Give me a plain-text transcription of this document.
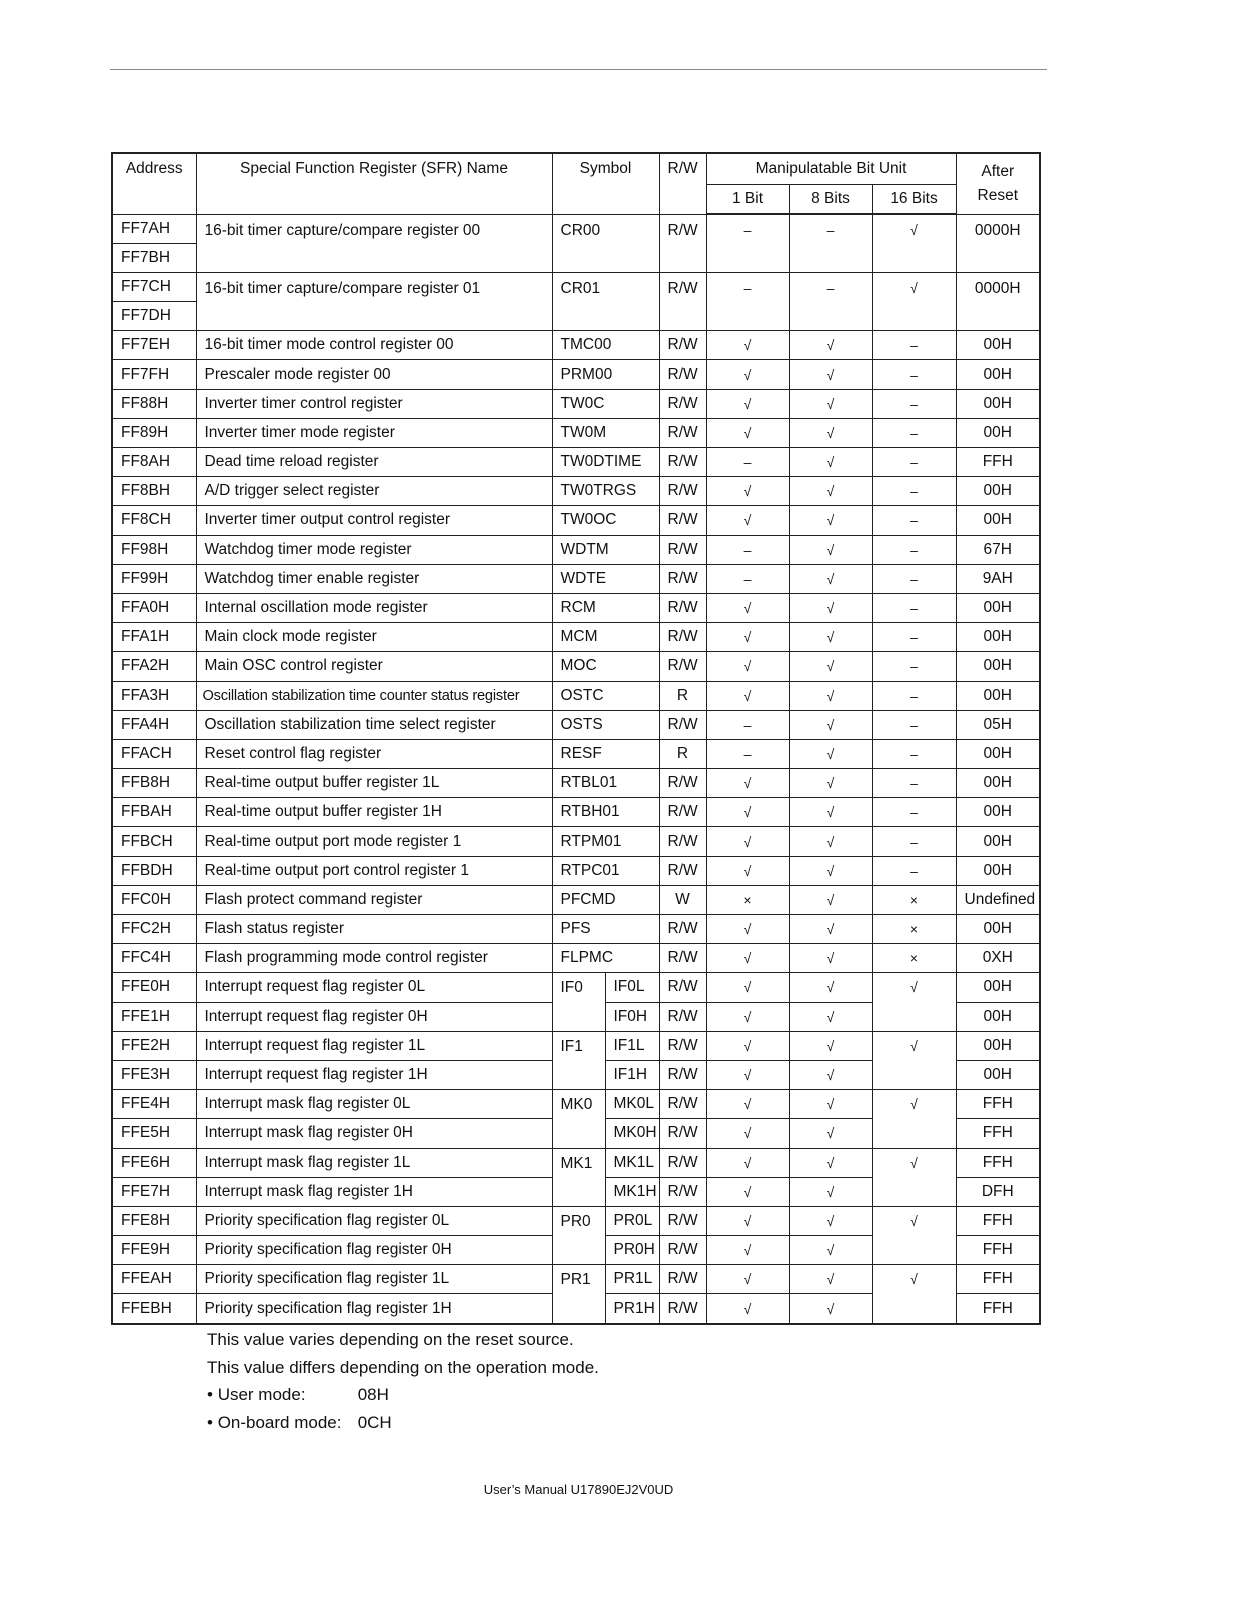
Address	Special Function Register (SFR) Name	Symbol		R/W	Manipulatable Bit Unit			After
Reset
					1 Bit	8 Bits	16 Bits	
FF7AH	16-bit timer capture/compare register 00	CR00		R/W	–	–	√	0000H
FF7BH								
FF7CH	16-bit timer capture/compare register 01	CR01		R/W	–	–	√	0000H
FF7DH								
FF7EH	16-bit timer mode control register 00	TMC00		R/W	√	√	–	00H
FF7FH	Prescaler mode register 00	PRM00		R/W	√	√	–	00H
FF88H	Inverter timer control register	TW0C		R/W	√	√	–	00H
FF89H	Inverter timer mode register	TW0M		R/W	√	√	–	00H
FF8AH	Dead time reload register	TW0DTIME		R/W	–	√	–	FFH
FF8BH	A/D trigger select register	TW0TRGS		R/W	√	√	–	00H
FF8CH	Inverter timer output control register	TW0OC		R/W	√	√	–	00H
FF98H	Watchdog timer mode register	WDTM		R/W	–	√	–	67H
FF99H	Watchdog timer enable register	WDTE		R/W	–	√	–	9AH
FFA0H	Internal oscillation mode register	RCM		R/W	√	√	–	00H
FFA1H	Main clock mode register	MCM		R/W	√	√	–	00H
FFA2H	Main OSC control register	MOC		R/W	√	√	–	00H
FFA3H	Oscillation stabilization time counter status register	OSTC		R	√	√	–	00H
FFA4H	Oscillation stabilization time select register	OSTS		R/W	–	√	–	05H
FFACH	Reset control flag register	RESF		R	–	√	–	00H
FFB8H	Real-time output buffer register 1L	RTBL01		R/W	√	√	–	00H
FFBAH	Real-time output buffer register 1H	RTBH01		R/W	√	√	–	00H
FFBCH	Real-time output port mode register 1	RTPM01		R/W	√	√	–	00H
FFBDH	Real-time output port control register 1	RTPC01		R/W	√	√	–	00H
FFC0H	Flash protect command register	PFCMD		W	×	√	×	Undefined
FFC2H	Flash status register	PFS		R/W	√	√	×	00H
FFC4H	Flash programming mode control register	FLPMC		R/W	√	√	×	0XH
FFE0H	Interrupt request flag register 0L	IF0	IF0L	R/W	√	√	√	00H
FFE1H	Interrupt request flag register 0H		IF0H	R/W	√	√		00H
FFE2H	Interrupt request flag register 1L	IF1	IF1L	R/W	√	√	√	00H
FFE3H	Interrupt request flag register 1H		IF1H	R/W	√	√		00H
FFE4H	Interrupt mask flag register 0L	MK0	MK0L	R/W	√	√	√	FFH
FFE5H	Interrupt mask flag register 0H		MK0H	R/W	√	√		FFH
FFE6H	Interrupt mask flag register 1L	MK1	MK1L	R/W	√	√	√	FFH
FFE7H	Interrupt mask flag register 1H		MK1H	R/W	√	√		DFH
FFE8H	Priority specification flag register 0L	PR0	PR0L	R/W	√	√	√	FFH
FFE9H	Priority specification flag register 0H		PR0H	R/W	√	√		FFH
FFEAH	Priority specification flag register 1L	PR1	PR1L	R/W	√	√	√	FFH
FFEBH	Priority specification flag register 1H		PR1H	R/W	√	√		FFH
This value varies depending on the reset source.
This value differs depending on the operation mode.
• User mode:	08H
• On-board mode: 0CH
User’s Manual U17890EJ2V0UD
